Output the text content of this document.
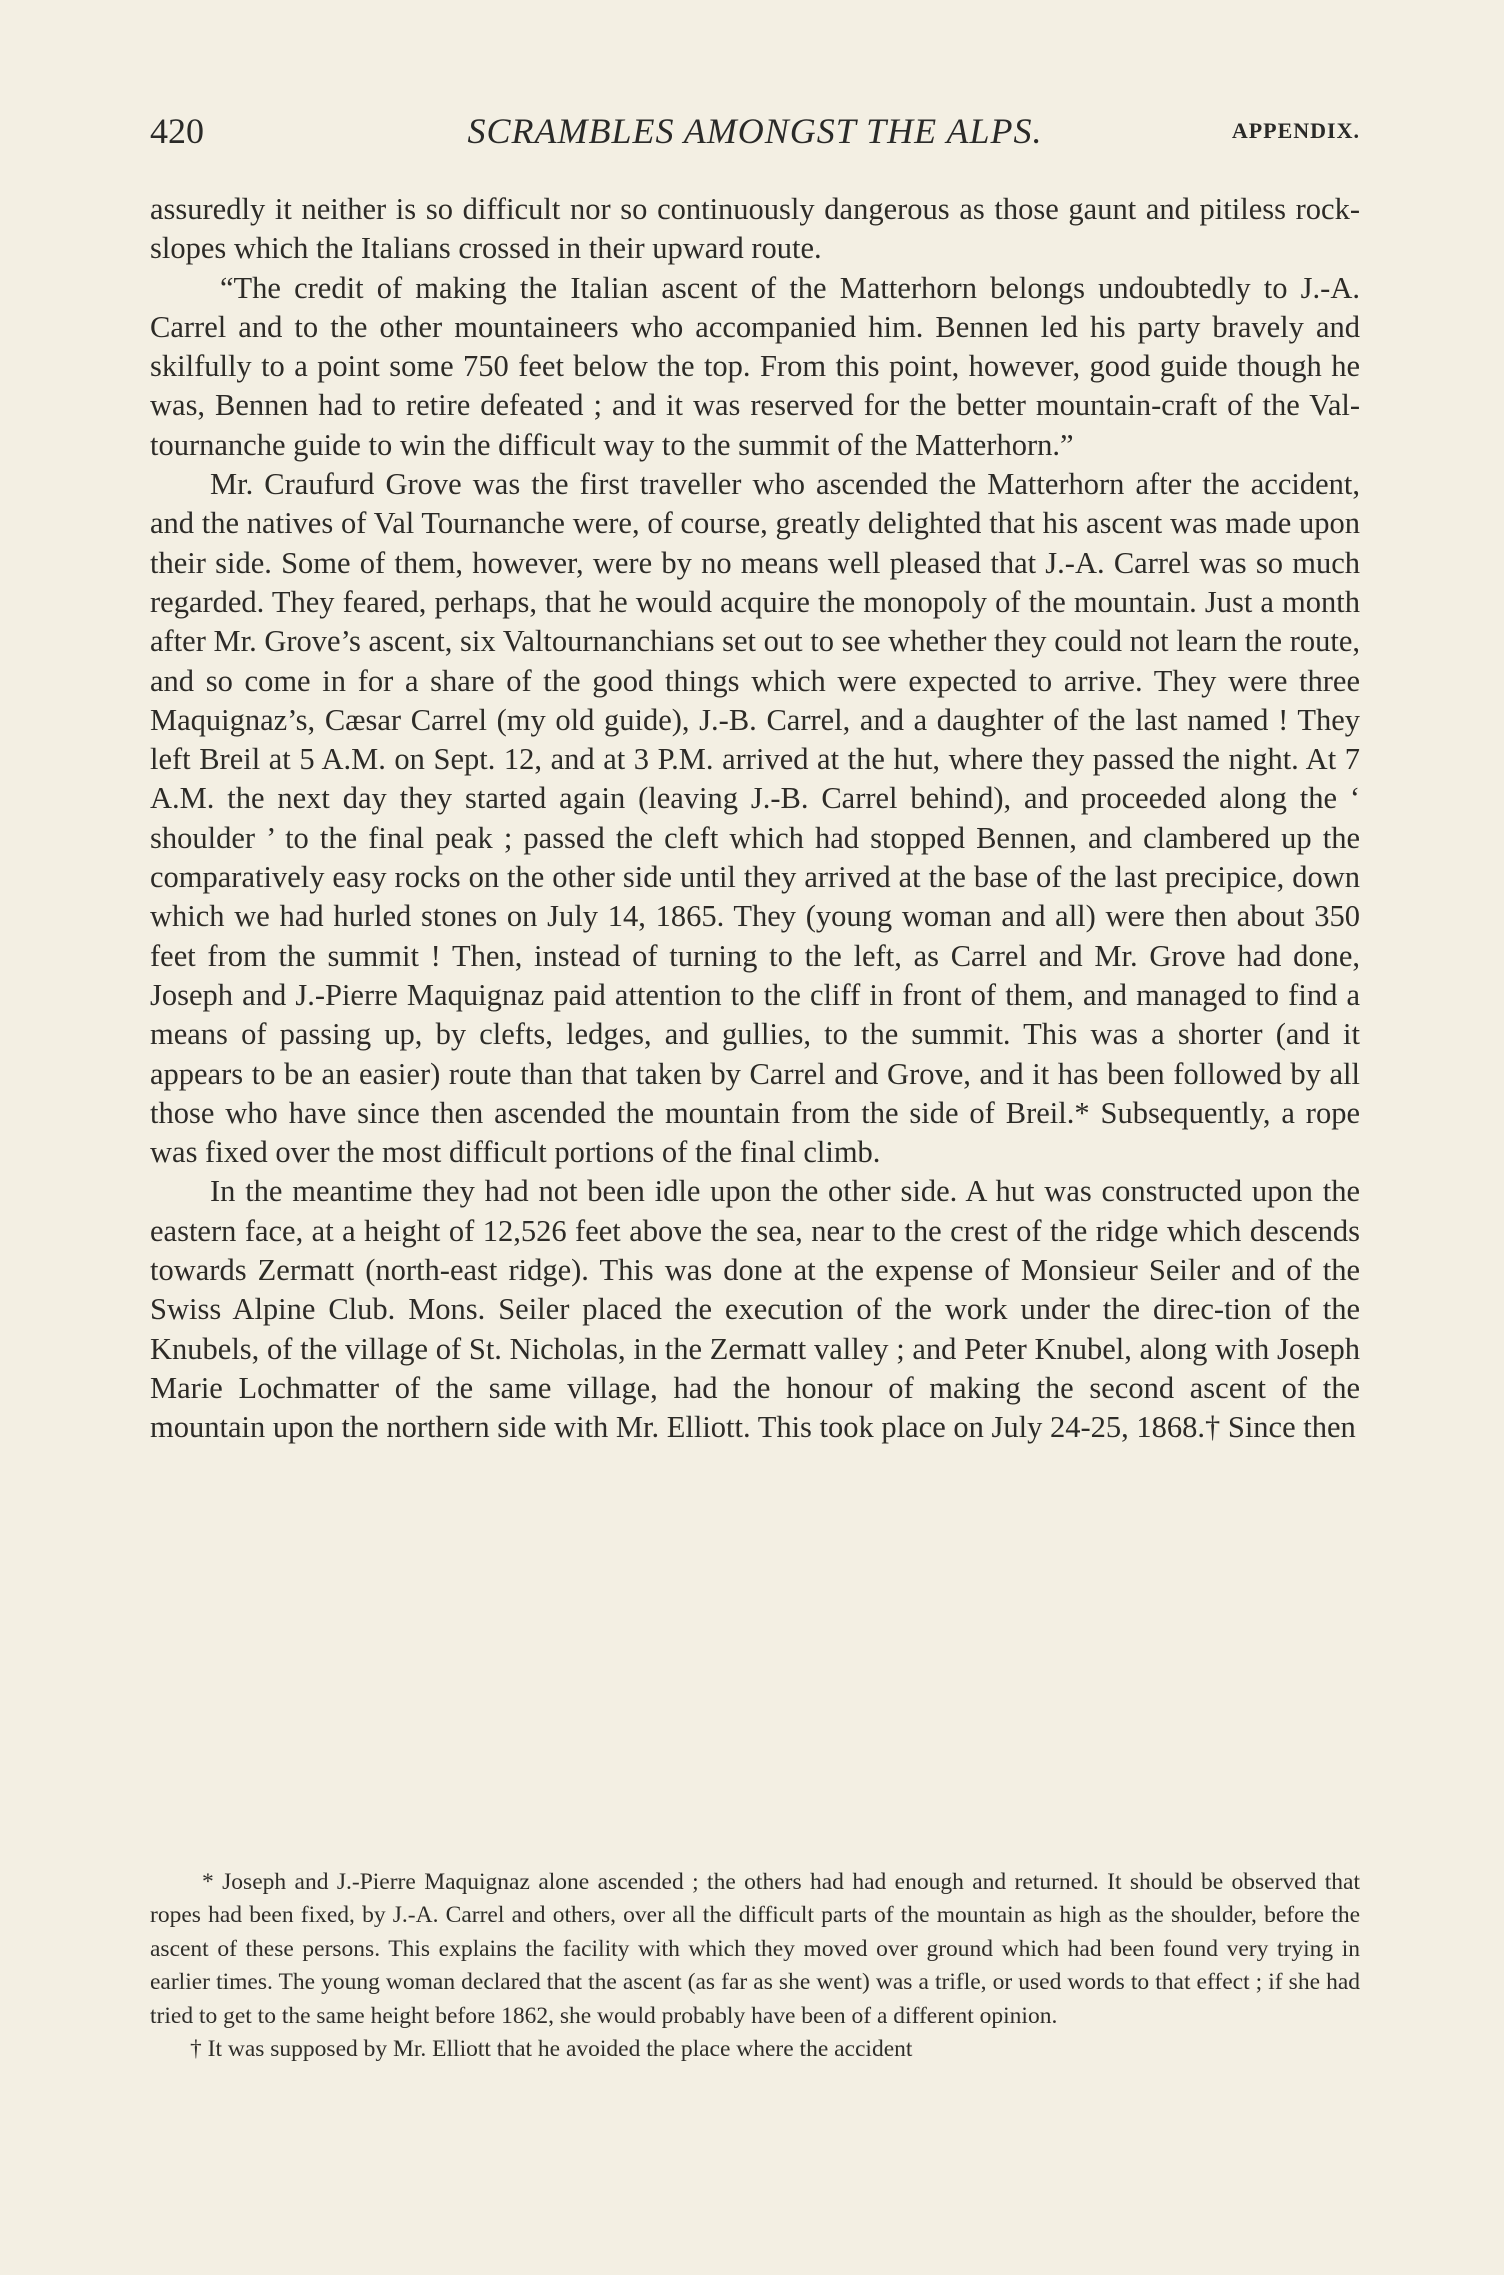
420	SCRAMBLES AMONGST THE ALPS.	APPENDIX.

assuredly it neither is so difficult nor so continuously dangerous as those gaunt and pitiless rock-slopes which the Italians crossed in their upward route.

“The credit of making the Italian ascent of the Matterhorn belongs undoubtedly to J.-A. Carrel and to the other mountaineers who accompanied him. Bennen led his party bravely and skilfully to a point some 750 feet below the top. From this point, however, good guide though he was, Bennen had to retire defeated ; and it was reserved for the better mountain-craft of the Val-tournanche guide to win the difficult way to the summit of the Matterhorn.”

Mr. Craufurd Grove was the first traveller who ascended the Matterhorn after the accident, and the natives of Val Tournanche were, of course, greatly delighted that his ascent was made upon their side. Some of them, however, were by no means well pleased that J.-A. Carrel was so much regarded. They feared, perhaps, that he would acquire the monopoly of the mountain. Just a month after Mr. Grove’s ascent, six Valtournanchians set out to see whether they could not learn the route, and so come in for a share of the good things which were expected to arrive. They were three Maquignaz’s, Cæsar Carrel (my old guide), J.-B. Carrel, and a daughter of the last named ! They left Breil at 5 A.M. on Sept. 12, and at 3 P.M. arrived at the hut, where they passed the night. At 7 A.M. the next day they started again (leaving J.-B. Carrel behind), and proceeded along the ‘ shoulder ’ to the final peak ; passed the cleft which had stopped Bennen, and clambered up the comparatively easy rocks on the other side until they arrived at the base of the last precipice, down which we had hurled stones on July 14, 1865. They (young woman and all) were then about 350 feet from the summit ! Then, instead of turning to the left, as Carrel and Mr. Grove had done, Joseph and J.-Pierre Maquignaz paid attention to the cliff in front of them, and managed to find a means of passing up, by clefts, ledges, and gullies, to the summit. This was a shorter (and it appears to be an easier) route than that taken by Carrel and Grove, and it has been followed by all those who have since then ascended the mountain from the side of Breil.* Subsequently, a rope was fixed over the most difficult portions of the final climb.

In the meantime they had not been idle upon the other side. A hut was constructed upon the eastern face, at a height of 12,526 feet above the sea, near to the crest of the ridge which descends towards Zermatt (north-east ridge). This was done at the expense of Monsieur Seiler and of the Swiss Alpine Club. Mons. Seiler placed the execution of the work under the direc-tion of the Knubels, of the village of St. Nicholas, in the Zermatt valley ; and Peter Knubel, along with Joseph Marie Lochmatter of the same village, had the honour of making the second ascent of the mountain upon the northern side with Mr. Elliott. This took place on July 24-25, 1868.† Since then

* Joseph and J.-Pierre Maquignaz alone ascended ; the others had had enough and returned. It should be observed that ropes had been fixed, by J.-A. Carrel and others, over all the difficult parts of the mountain as high as the shoulder, before the ascent of these persons. This explains the facility with which they moved over ground which had been found very trying in earlier times. The young woman declared that the ascent (as far as she went) was a trifle, or used words to that effect ; if she had tried to get to the same height before 1862, she would probably have been of a different opinion.

† It was supposed by Mr. Elliott that he avoided the place where the accident
